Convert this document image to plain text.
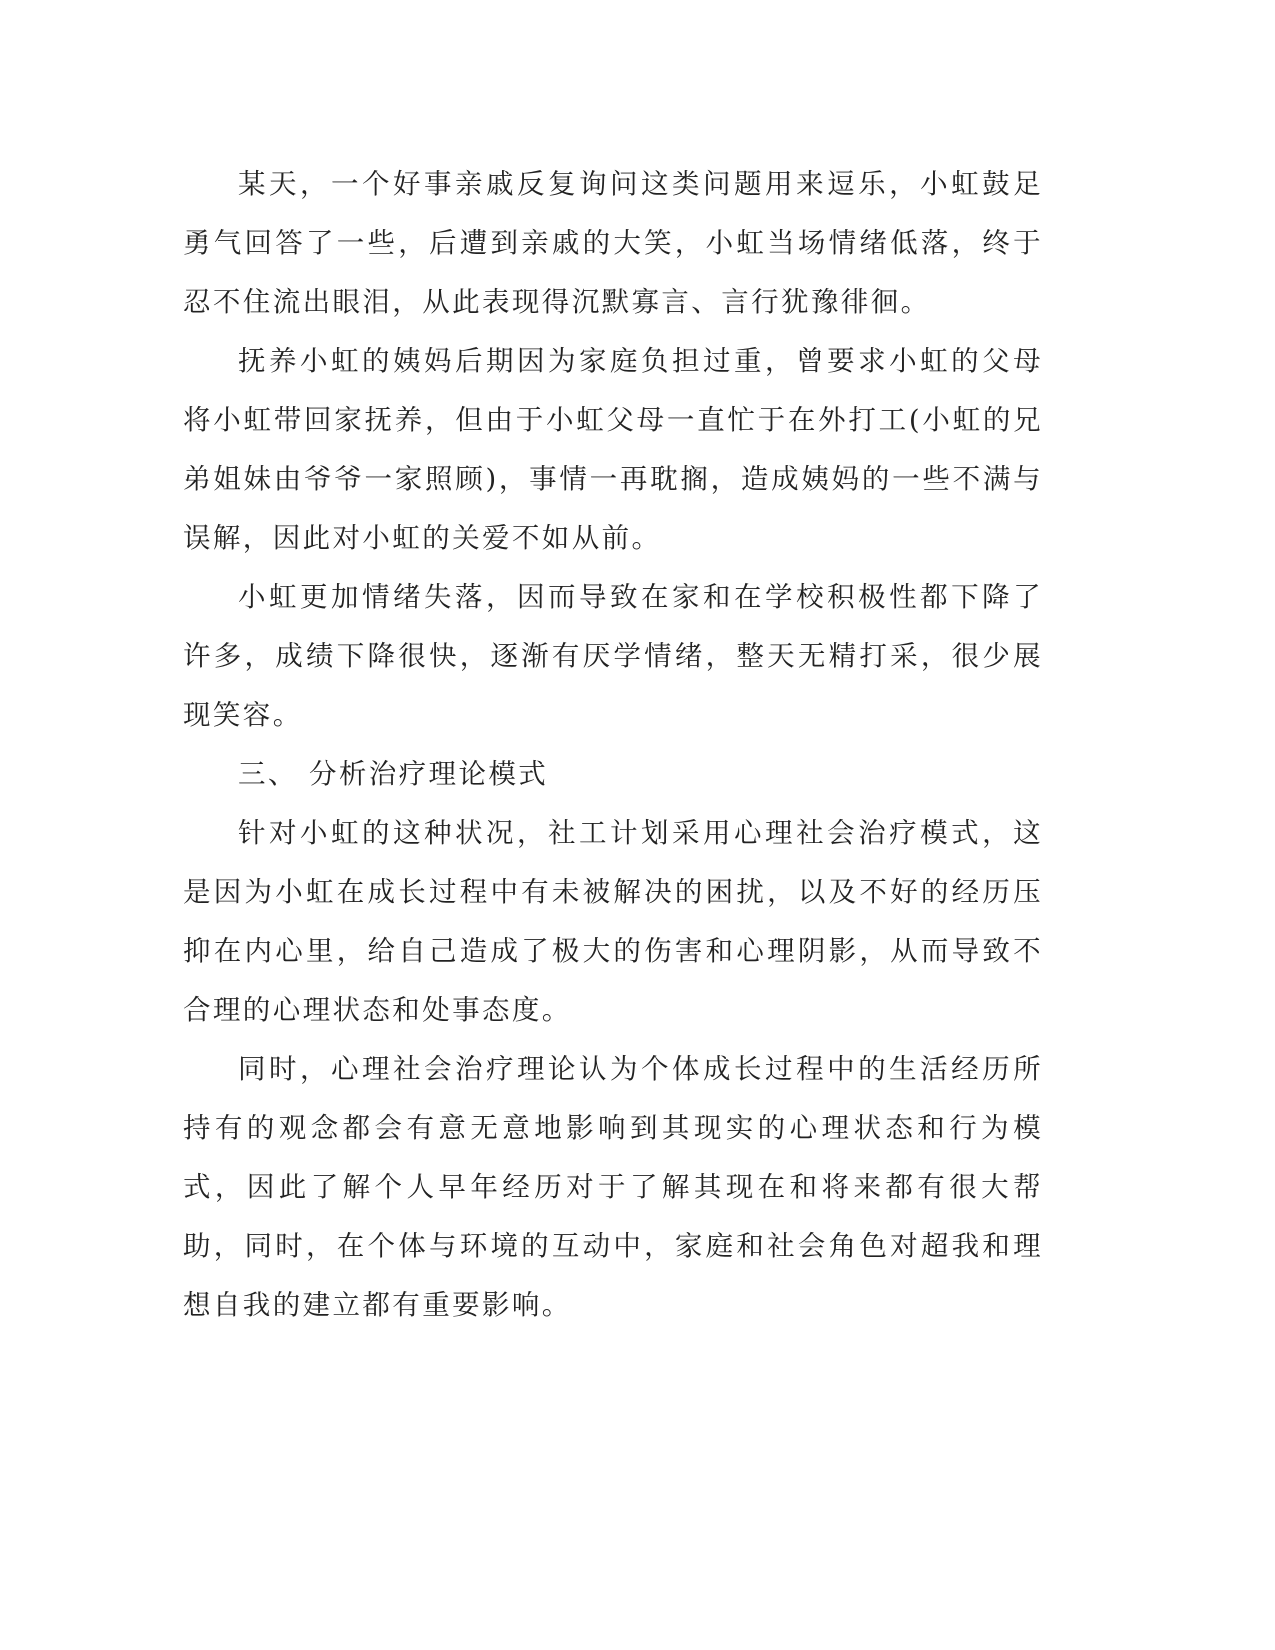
某天，一个好事亲戚反复询问这类问题用来逗乐，小虹鼓足勇气回答了一些，后遭到亲戚的大笑，小虹当场情绪低落，终于忍不住流出眼泪，从此表现得沉默寡言、言行犹豫徘徊。

抚养小虹的姨妈后期因为家庭负担过重，曾要求小虹的父母将小虹带回家抚养，但由于小虹父母一直忙于在外打工(小虹的兄弟姐妹由爷爷一家照顾)，事情一再耽搁，造成姨妈的一些不满与误解，因此对小虹的关爱不如从前。

小虹更加情绪失落，因而导致在家和在学校积极性都下降了许多，成绩下降很快，逐渐有厌学情绪，整天无精打采，很少展现笑容。

三、 分析治疗理论模式

针对小虹的这种状况，社工计划采用心理社会治疗模式，这是因为小虹在成长过程中有未被解决的困扰，以及不好的经历压抑在内心里，给自己造成了极大的伤害和心理阴影，从而导致不合理的心理状态和处事态度。

同时，心理社会治疗理论认为个体成长过程中的生活经历所持有的观念都会有意无意地影响到其现实的心理状态和行为模式，因此了解个人早年经历对于了解其现在和将来都有很大帮助，同时，在个体与环境的互动中，家庭和社会角色对超我和理想自我的建立都有重要影响。
